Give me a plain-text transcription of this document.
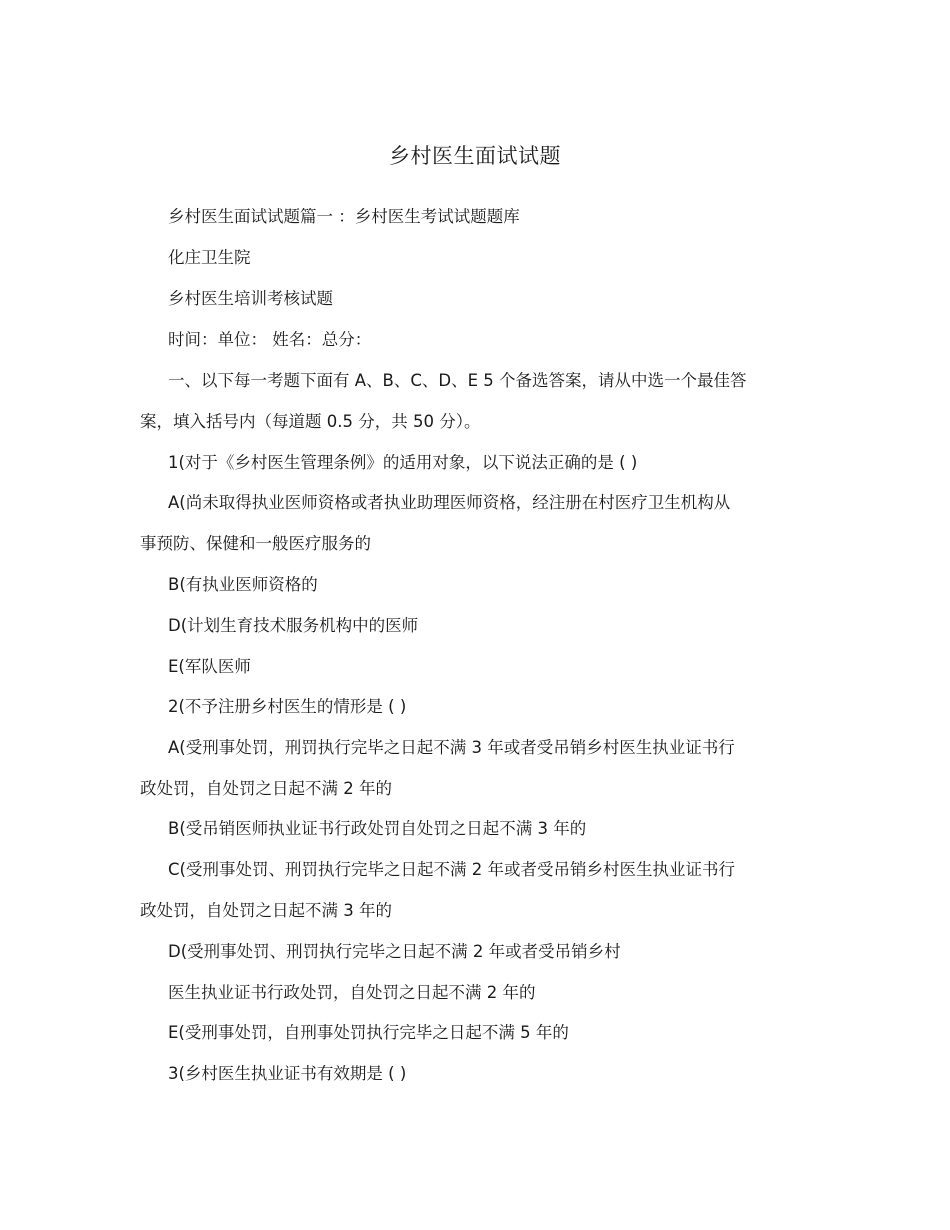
乡村医生面试试题
乡村医生面试试题篇一 ：乡村医生考试试题题库
化庄卫生院
乡村医生培训考核试题
时间：单位： 姓名：总分：
一、以下每一考题下面有 A、B、C、D、E 5 个备选答案，请从中选一个最佳答
案，填入括号内（每道题 0.5 分，共 50 分）。
1(对于《乡村医生管理条例》的适用对象，以下说法正确的是 ( )
A(尚未取得执业医师资格或者执业助理医师资格，经注册在村医疗卫生机构从
事预防、保健和一般医疗服务的
B(有执业医师资格的
D(计划生育技术服务机构中的医师
E(军队医师
2(不予注册乡村医生的情形是 ( )
A(受刑事处罚，刑罚执行完毕之日起不满 3 年或者受吊销乡村医生执业证书行
政处罚，自处罚之日起不满 2 年的
B(受吊销医师执业证书行政处罚自处罚之日起不满 3 年的
C(受刑事处罚、刑罚执行完毕之日起不满 2 年或者受吊销乡村医生执业证书行
政处罚，自处罚之日起不满 3 年的
D(受刑事处罚、刑罚执行完毕之日起不满 2 年或者受吊销乡村
医生执业证书行政处罚，自处罚之日起不满 2 年的
E(受刑事处罚，自刑事处罚执行完毕之日起不满 5 年的
3(乡村医生执业证书有效期是 ( )
